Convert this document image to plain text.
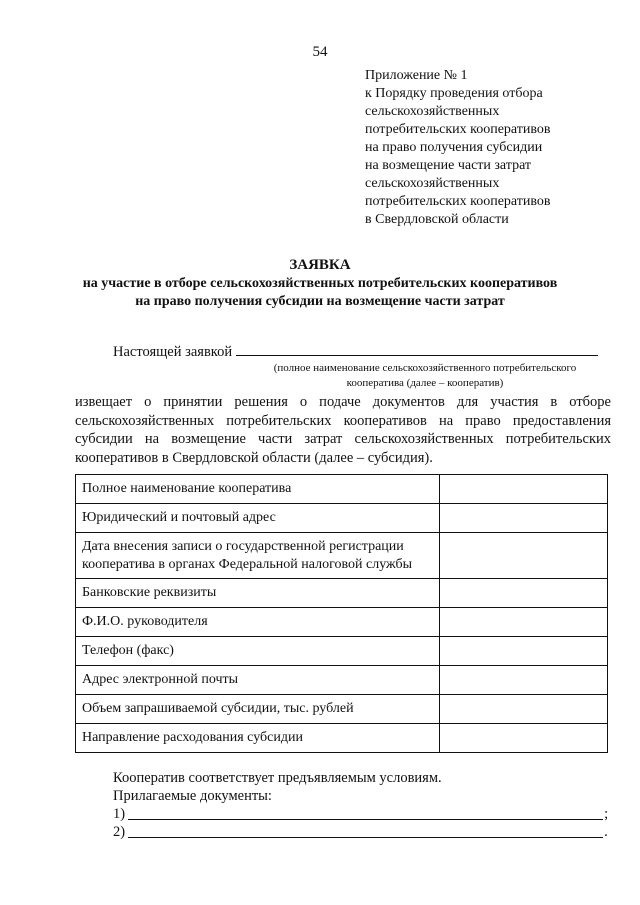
54
Приложение № 1
к Порядку проведения отбора
сельскохозяйственных
потребительских кооперативов
на право получения субсидии
на возмещение части затрат
сельскохозяйственных
потребительских кооперативов
в Свердловской области
ЗАЯВКА
на участие в отборе сельскохозяйственных потребительских кооперативов
на право получения субсидии на возмещение части затрат
Настоящей заявкой
(полное наименование сельскохозяйственного потребительского
кооператива (далее – кооператив)
извещает о принятии решения о подаче документов для участия в отборе сельскохозяйственных потребительских кооперативов на право предоставления субсидии на возмещение части затрат сельскохозяйственных потребительских кооперативов в Свердловской области (далее – субсидия).
Полное наименование кооператива	
Юридический и почтовый адрес	
Дата внесения записи о государственной регистрации кооператива в органах Федеральной налоговой службы	
Банковские реквизиты	
Ф.И.О. руководителя	
Телефон (факс)	
Адрес электронной почты	
Объем запрашиваемой субсидии, тыс. рублей	
Направление расходования субсидии	
Кооператив соответствует предъявляемым условиям.
Прилагаемые документы:
1)	;
2)	.
